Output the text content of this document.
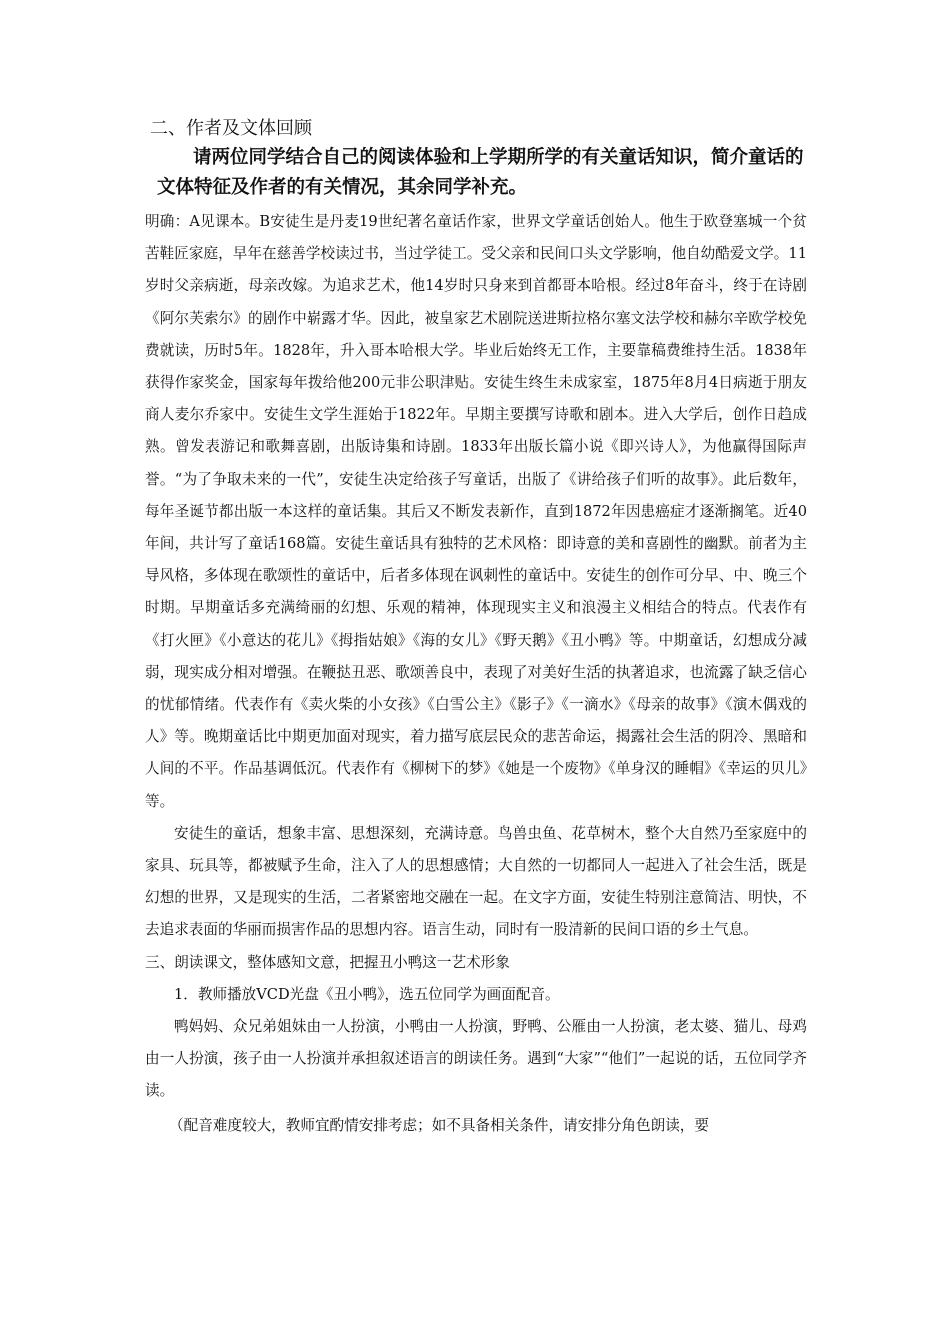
二、作者及文体回顾

请两位同学结合自己的阅读体验和上学期所学的有关童话知识，简介童话的文体特征及作者的有关情况，其余同学补充。

明确：A见课本。B安徒生是丹麦19世纪著名童话作家，世界文学童话创始人。他生于欧登塞城一个贫苦鞋匠家庭，早年在慈善学校读过书，当过学徒工。受父亲和民间口头文学影响，他自幼酷爱文学。11岁时父亲病逝，母亲改嫁。为追求艺术，他14岁时只身来到首都哥本哈根。经过8年奋斗，终于在诗剧《阿尔芙索尔》的剧作中崭露才华。因此，被皇家艺术剧院送进斯拉格尔塞文法学校和赫尔辛欧学校免费就读，历时5年。1828年，升入哥本哈根大学。毕业后始终无工作，主要靠稿费维持生活。1838年获得作家奖金，国家每年拨给他200元非公职津贴。安徒生终生未成家室，1875年8月4日病逝于朋友商人麦尔乔家中。安徒生文学生涯始于1822年。早期主要撰写诗歌和剧本。进入大学后，创作日趋成熟。曾发表游记和歌舞喜剧，出版诗集和诗剧。1833年出版长篇小说《即兴诗人》，为他赢得国际声誉。“为了争取未来的一代”，安徒生决定给孩子写童话，出版了《讲给孩子们听的故事》。此后数年，每年圣诞节都出版一本这样的童话集。其后又不断发表新作，直到1872年因患癌症才逐渐搁笔。近40年间，共计写了童话168篇。安徒生童话具有独特的艺术风格：即诗意的美和喜剧性的幽默。前者为主导风格，多体现在歌颂性的童话中，后者多体现在讽刺性的童话中。安徒生的创作可分早、中、晚三个时期。早期童话多充满绮丽的幻想、乐观的精神，体现现实主义和浪漫主义相结合的特点。代表作有《打火匣》《小意达的花儿》《拇指姑娘》《海的女儿》《野天鹅》《丑小鸭》等。中期童话，幻想成分减弱，现实成分相对增强。在鞭挞丑恶、歌颂善良中，表现了对美好生活的执著追求，也流露了缺乏信心的忧郁情绪。代表作有《卖火柴的小女孩》《白雪公主》《影子》《一滴水》《母亲的故事》《演木偶戏的人》等。晚期童话比中期更加面对现实，着力描写底层民众的悲苦命运，揭露社会生活的阴冷、黑暗和人间的不平。作品基调低沉。代表作有《柳树下的梦》《她是一个废物》《单身汉的睡帽》《幸运的贝儿》等。

安徒生的童话，想象丰富、思想深刻，充满诗意。鸟兽虫鱼、花草树木，整个大自然乃至家庭中的家具、玩具等，都被赋予生命，注入了人的思想感情；大自然的一切都同人一起进入了社会生活，既是幻想的世界，又是现实的生活，二者紧密地交融在一起。在文字方面，安徒生特别注意简洁、明快，不去追求表面的华丽而损害作品的思想内容。语言生动，同时有一股清新的民间口语的乡土气息。

三、朗读课文，整体感知文意，把握丑小鸭这一艺术形象

1．教师播放VCD光盘《丑小鸭》，选五位同学为画面配音。

鸭妈妈、众兄弟姐妹由一人扮演，小鸭由一人扮演，野鸭、公雁由一人扮演，老太婆、猫儿、母鸡由一人扮演，孩子由一人扮演并承担叙述语言的朗读任务。遇到“大家”“他们”一起说的话，五位同学齐读。

（配音难度较大，教师宜酌情安排考虑；如不具备相关条件，请安排分角色朗读，要
